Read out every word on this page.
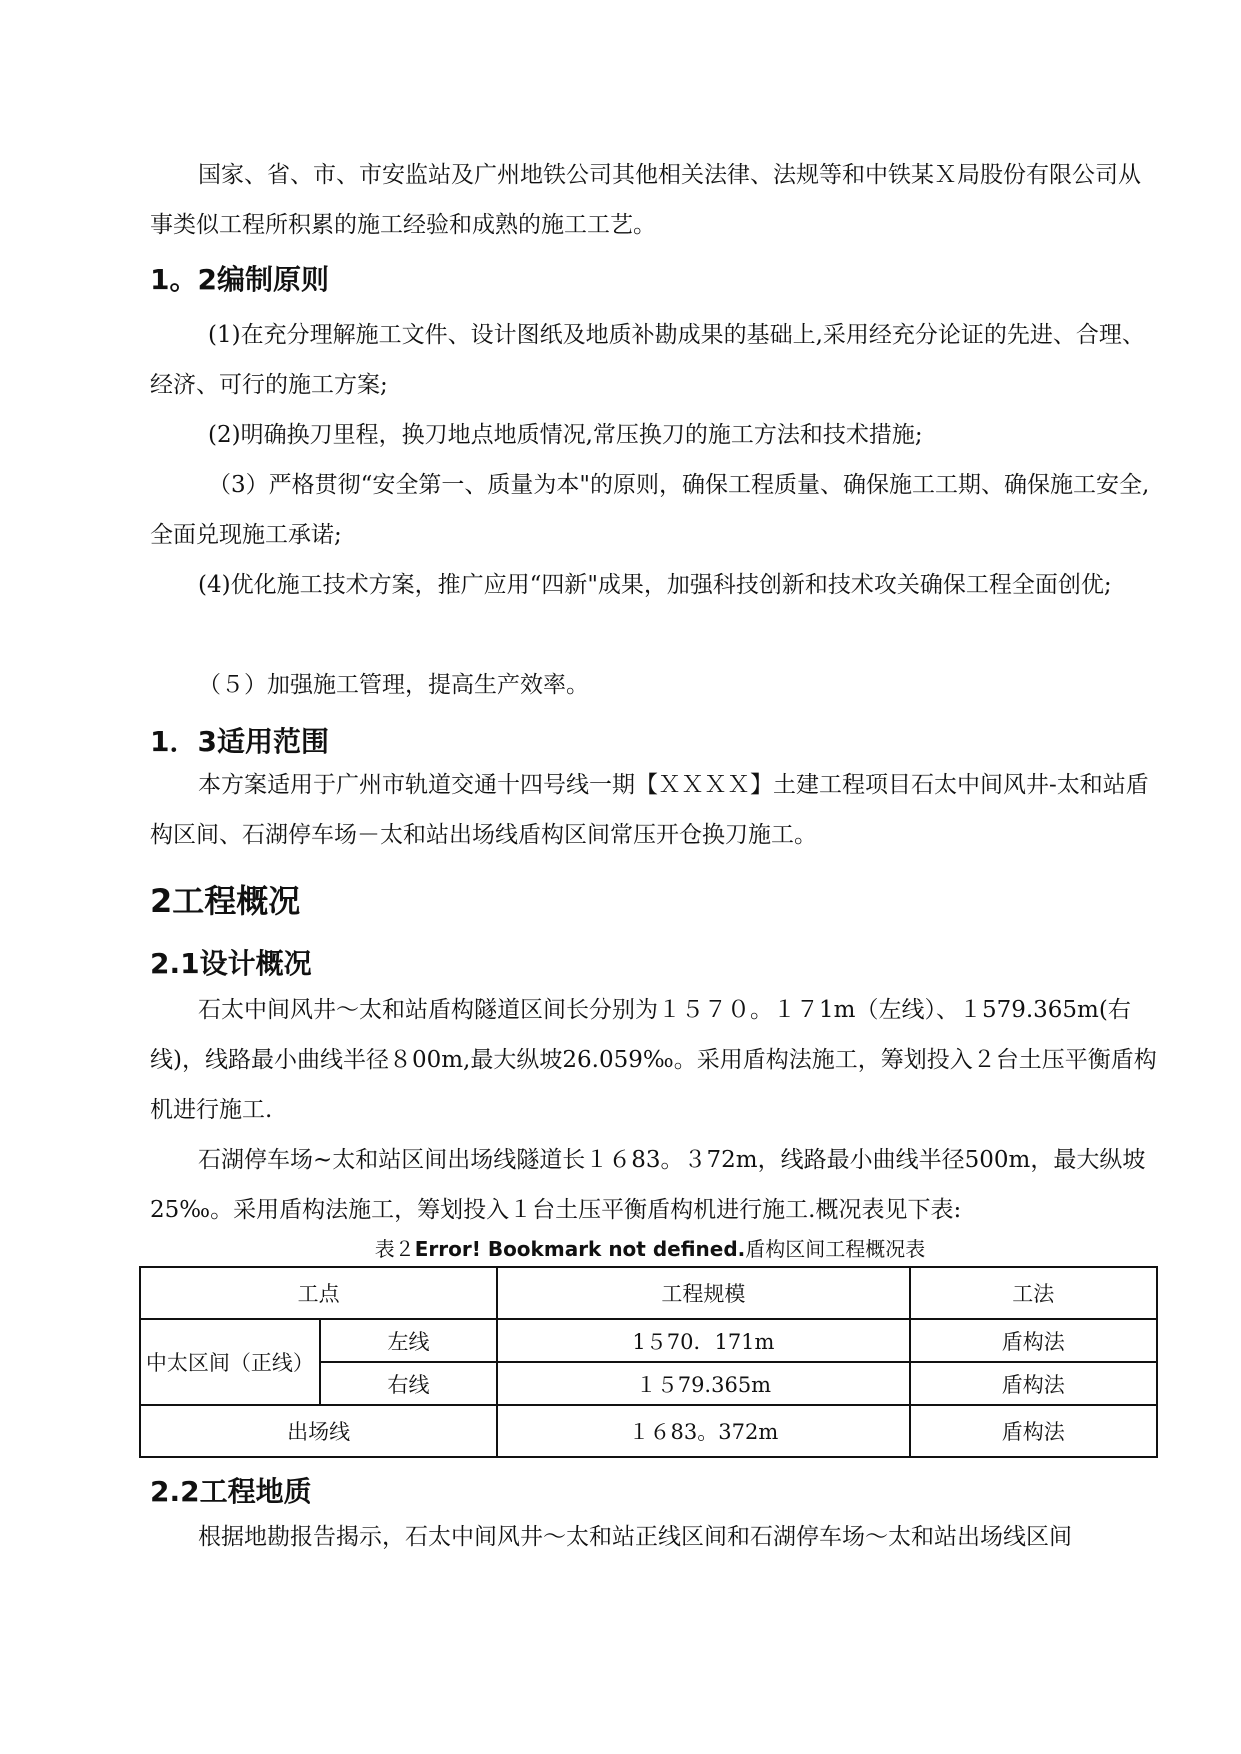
国家、省、市、市安监站及广州地铁公司其他相关法律、法规等和中铁某Ｘ局股份有限公司从事类似工程所积累的施工经验和成熟的施工工艺。

1。2编制原则

(1)在充分理解施工文件、设计图纸及地质补勘成果的基础上,采用经充分论证的先进、合理、经济、可行的施工方案;

(2)明确换刀里程，换刀地点地质情况,常压换刀的施工方法和技术措施;

（3）严格贯彻“安全第一、质量为本"的原则，确保工程质量、确保施工工期、确保施工安全,全面兑现施工承诺;

(4)优化施工技术方案，推广应用“四新"成果，加强科技创新和技术攻关确保工程全面创优;

（５）加强施工管理，提高生产效率。

1．3适用范围

本方案适用于广州市轨道交通十四号线一期【ＸＸＸＸ】土建工程项目石太中间风井-太和站盾构区间、石湖停车场－太和站出场线盾构区间常压开仓换刀施工。

2工程概况
2.1设计概况

石太中间风井～太和站盾构隧道区间长分别为１５７０。１７1m（左线）、１579.365m(右线)，线路最小曲线半径８00m,最大纵坡26.059‰。采用盾构法施工，筹划投入２台土压平衡盾构机进行施工.

石湖停车场~太和站区间出场线隧道长１６83。３72m，线路最小曲线半径500m，最大纵坡25‰。采用盾构法施工，筹划投入１台土压平衡盾构机进行施工.概况表见下表:

表２Error! Bookmark not defined.盾构区间工程概况表

工点		工程规模	工法
中太区间（正线）	左线	1５70．171m	盾构法
	右线	１５79.365m	盾构法
出场线		１６83。372m	盾构法
2.2工程地质

根据地勘报告揭示，石太中间风井～太和站正线区间和石湖停车场～太和站出场线区间
